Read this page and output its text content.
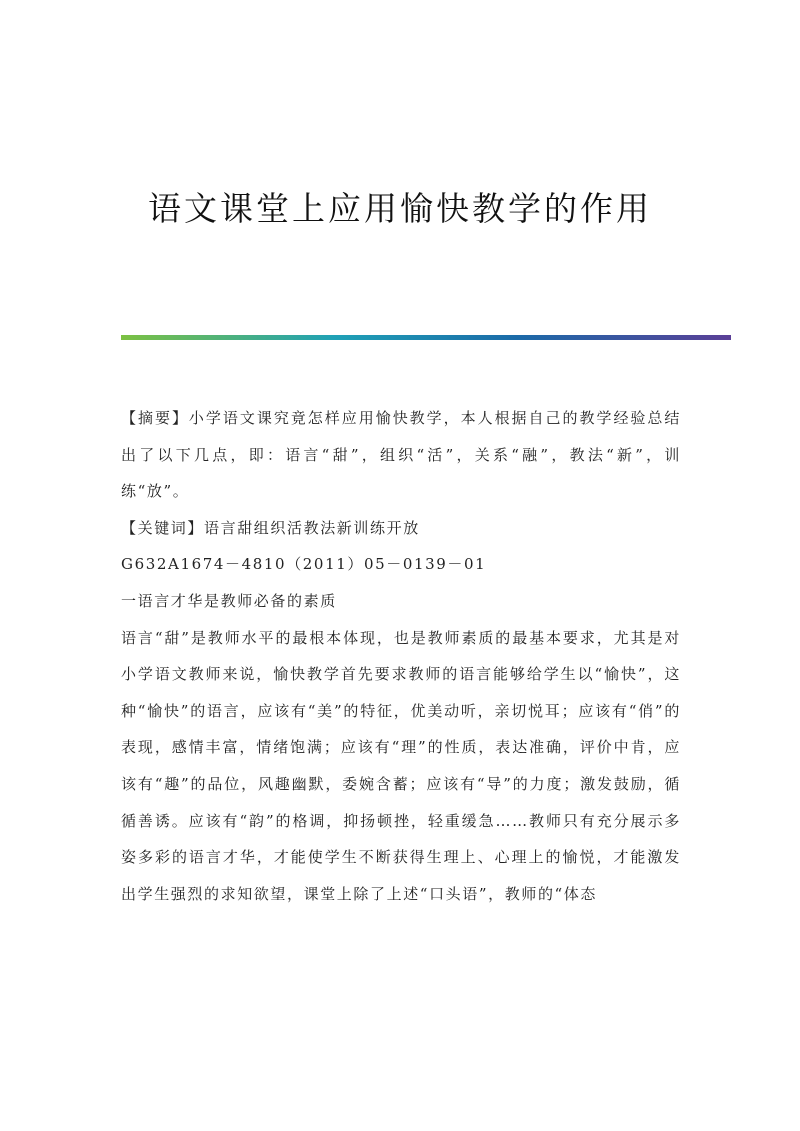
语文课堂上应用愉快教学的作用

【摘要】小学语文课究竟怎样应用愉快教学，本人根据自己的教学经验总结出了以下几点，即：语言“甜”，组织“活”，关系“融”，教法“新”，训练“放”。

【关键词】语言甜组织活教法新训练开放

G632A1674－4810（2011）05－0139－01

一语言才华是教师必备的素质

语言“甜”是教师水平的最根本体现，也是教师素质的最基本要求，尤其是对小学语文教师来说，愉快教学首先要求教师的语言能够给学生以“愉快”，这种“愉快”的语言，应该有“美”的特征，优美动听，亲切悦耳；应该有“俏”的表现，感情丰富，情绪饱满；应该有“理”的性质，表达准确，评价中肯，应该有“趣”的品位，风趣幽默，委婉含蓄；应该有“导”的力度；激发鼓励，循循善诱。应该有“韵”的格调，抑扬顿挫，轻重缓急……教师只有充分展示多姿多彩的语言才华，才能使学生不断获得生理上、心理上的愉悦，才能激发出学生强烈的求知欲望，课堂上除了上述“口头语”，教师的“体态
